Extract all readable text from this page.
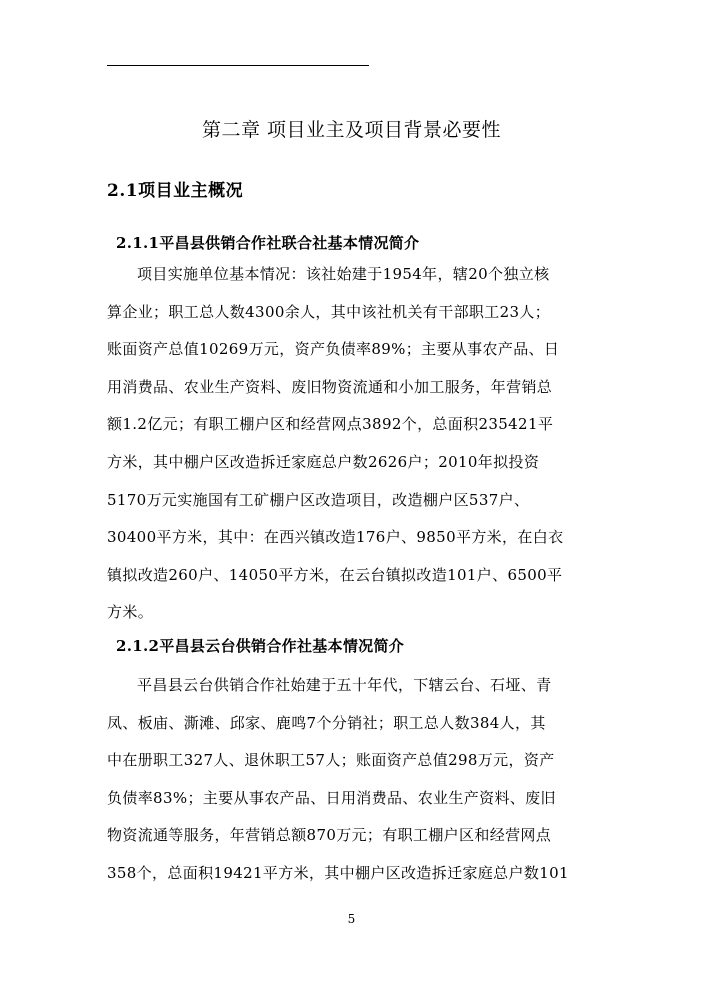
第二章 项目业主及项目背景必要性
2.1项目业主概况
2.1.1平昌县供销合作社联合社基本情况简介
项目实施单位基本情况：该社始建于1954年，辖20个独立核
算企业；职工总人数4300余人，其中该社机关有干部职工23人；
账面资产总值10269万元，资产负债率89%；主要从事农产品、日
用消费品、农业生产资料、废旧物资流通和小加工服务，年营销总
额1.2亿元；有职工棚户区和经营网点3892个，总面积235421平
方米，其中棚户区改造拆迁家庭总户数2626户；2010年拟投资
5170万元实施国有工矿棚户区改造项目，改造棚户区537户、
30400平方米，其中：在西兴镇改造176户、9850平方米，在白衣
镇拟改造260户、14050平方米，在云台镇拟改造101户、6500平
方米。
2.1.2平昌县云台供销合作社基本情况简介
平昌县云台供销合作社始建于五十年代，下辖云台、石垭、青
凤、板庙、澌滩、邱家、鹿鸣7个分销社；职工总人数384人，其
中在册职工327人、退休职工57人；账面资产总值298万元，资产
负债率83%；主要从事农产品、日用消费品、农业生产资料、废旧
物资流通等服务，年营销总额870万元；有职工棚户区和经营网点
358个，总面积19421平方米，其中棚户区改造拆迁家庭总户数101
5
